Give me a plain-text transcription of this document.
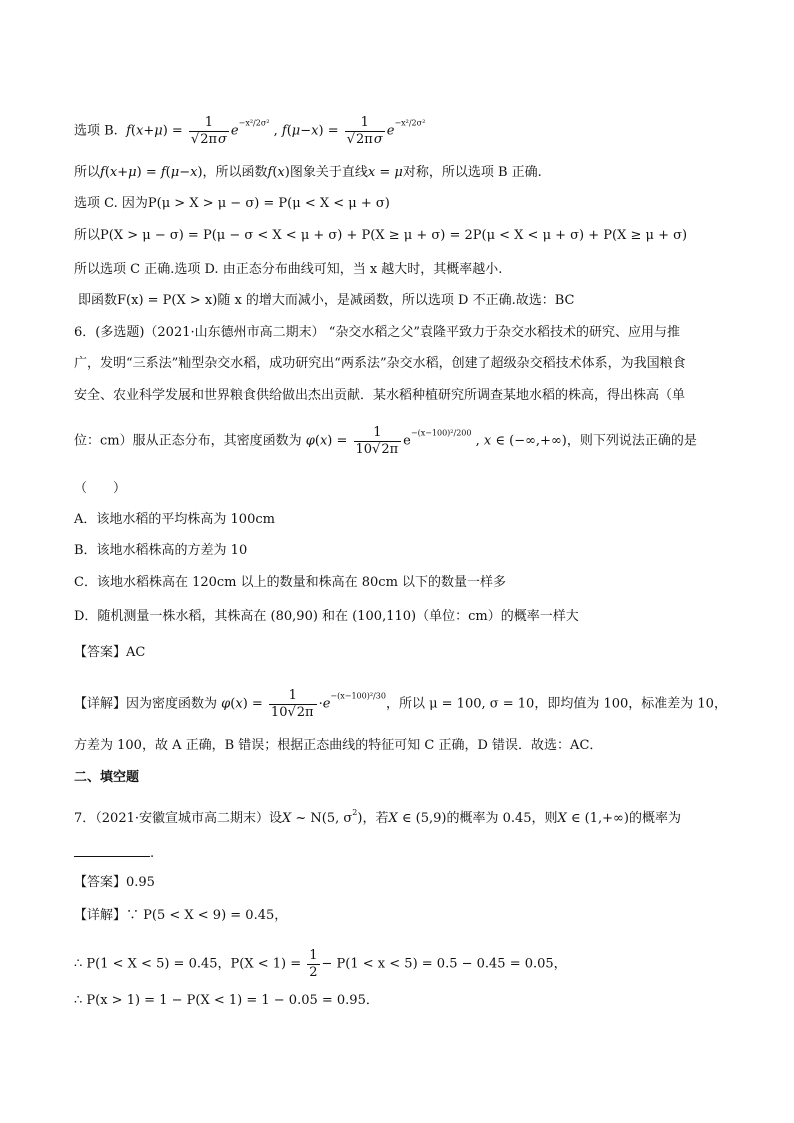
选项 B. $f(x+\mu) = \frac{1}{√2\pi\sigma} e^{-x^2/2\sigma^2}$ , $f(\mu-x) = \frac{1}{√2\pi\sigma} e^{-x^2/2\sigma^2}$
所以f(x+μ) = f(μ−x)，所以函数f(x)图象关于直线x = μ对称，所以选项 B 正确.
选项 C. 因为P(μ > X > μ − σ) = P(μ < X < μ + σ)
所以P(X > μ − σ) = P(μ − σ < X < μ + σ) + P(X ≥ μ + σ) = 2P(μ < X < μ + σ) + P(X ≥ μ + σ)
所以选项 C 正确.选项 D. 由正态分布曲线可知，当 x 越大时，其概率越小.
即函数F(x) = P(X > x)随 x 的增大而减小，是减函数，所以选项 D 不正确.故选：BC
6．(多选题)（2021·山东德州市高二期末） “杂交水稻之父”袁隆平致力于杂交水稻技术的研究、应用与推
广，发明“三系法”籼型杂交水稻，成功研究出“两系法”杂交水稻，创建了超级杂交稻技术体系，为我国粮食
安全、农业科学发展和世界粮食供给做出杰出贡献．某水稻种植研究所调查某地水稻的株高，得出株高（单
位：cm）服从正态分布，其密度函数为 $\varphi(x) = \frac{1}{10√2\pi} e^{-(x-100)^2/200}$ , x ∈ (−∞,+∞)，则下列说法正确的是
（　　）
A．该地水稻的平均株高为 100cm
B．该地水稻株高的方差为 10
C．该地水稻株高在 120cm 以上的数量和株高在 80cm 以下的数量一样多
D．随机测量一株水稻，其株高在 (80,90) 和在 (100,110)（单位：cm）的概率一样大
【答案】AC
【详解】因为密度函数为 $\varphi(x) = \frac{1}{10√2\pi} \cdot e^{-(x-100)^2/30}$，所以 μ = 100, σ = 10，即均值为 100，标准差为 10，
方差为 100，故 A 正确，B 错误；根据正态曲线的特征可知 C 正确，D 错误．故选：AC．
二、填空题
7．（2021·安徽宣城市高二期末）设X ~ N(5, $\sigma^2$)，若X ∈ (5,9)的概率为 0.45，则X ∈ (1,+∞)的概率为
.
【答案】0.95
【详解】∵ P(5 < X < 9) = 0.45，
∴ P(1 < X < 5) = 0.45，$P(X < 1) = \frac{1}{2} - P(1 < x < 5) = 0.5 - 0.45 = 0.05$，
∴ P(x > 1) = 1 − P(X < 1) = 1 − 0.05 = 0.95．
